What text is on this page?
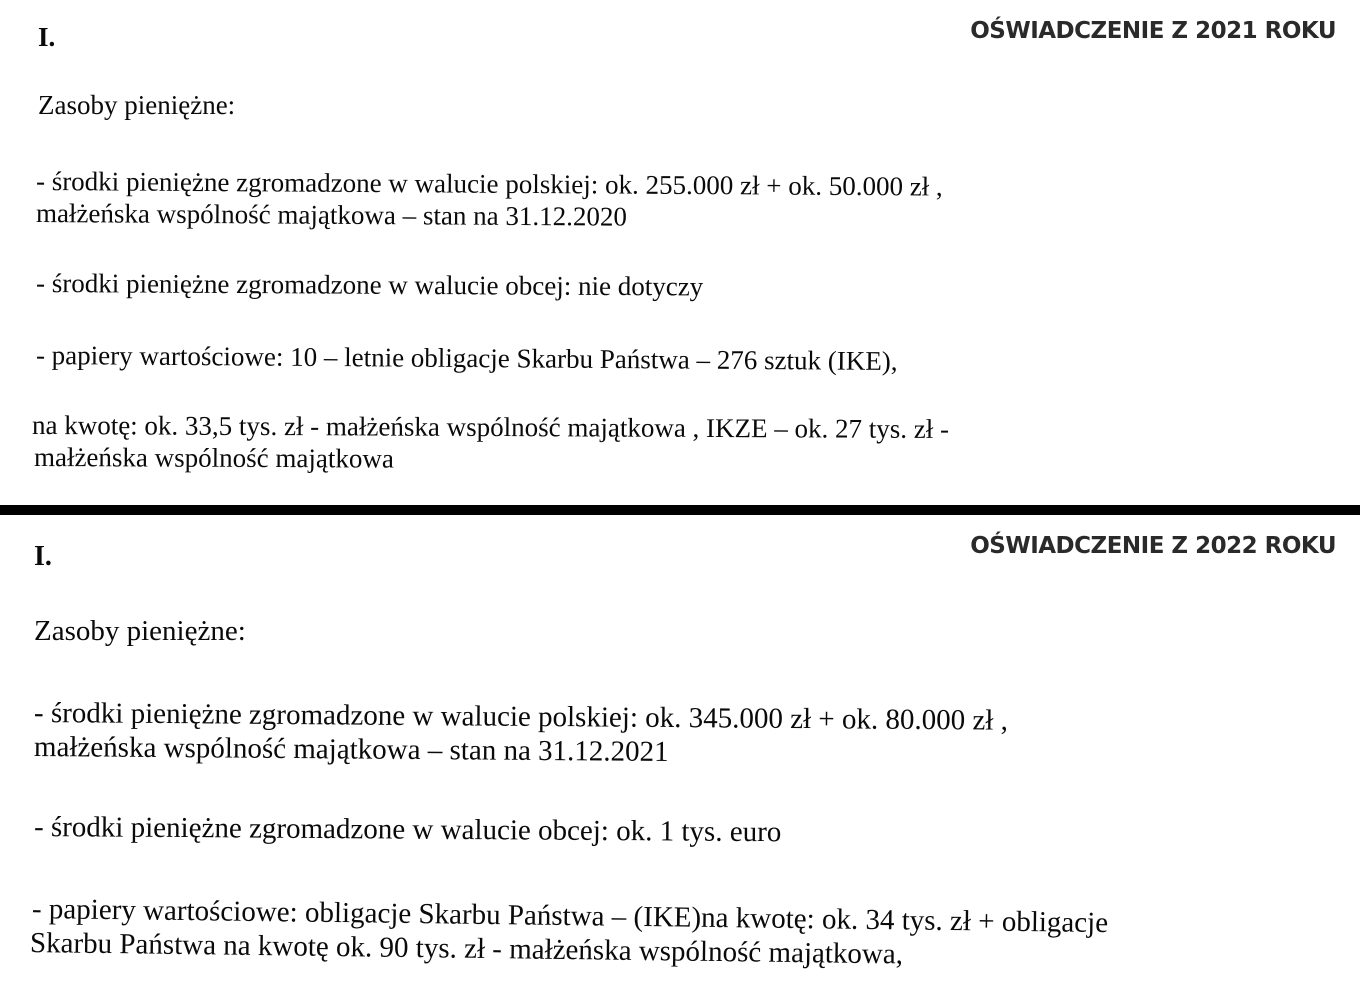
OŚWIADCZENIE Z 2021 ROKU
I.
Zasoby pieniężne:
- środki pieniężne zgromadzone w walucie polskiej: ok. 255.000 zł + ok. 50.000 zł ,
małżeńska wspólność majątkowa – stan na 31.12.2020
- środki pieniężne zgromadzone w walucie obcej: nie dotyczy
- papiery wartościowe: 10 – letnie obligacje Skarbu Państwa – 276 sztuk (IKE),
na kwotę: ok. 33,5 tys. zł - małżeńska wspólność majątkowa , IKZE – ok. 27 tys. zł -
małżeńska wspólność majątkowa
OŚWIADCZENIE Z 2022 ROKU
I.
Zasoby pieniężne:
- środki pieniężne zgromadzone w walucie polskiej: ok. 345.000 zł + ok. 80.000 zł ,
małżeńska wspólność majątkowa – stan na 31.12.2021
- środki pieniężne zgromadzone w walucie obcej: ok. 1 tys. euro
- papiery wartościowe: obligacje Skarbu Państwa – (IKE)na kwotę: ok. 34 tys. zł + obligacje
Skarbu Państwa na kwotę ok. 90 tys. zł - małżeńska wspólność majątkowa,
